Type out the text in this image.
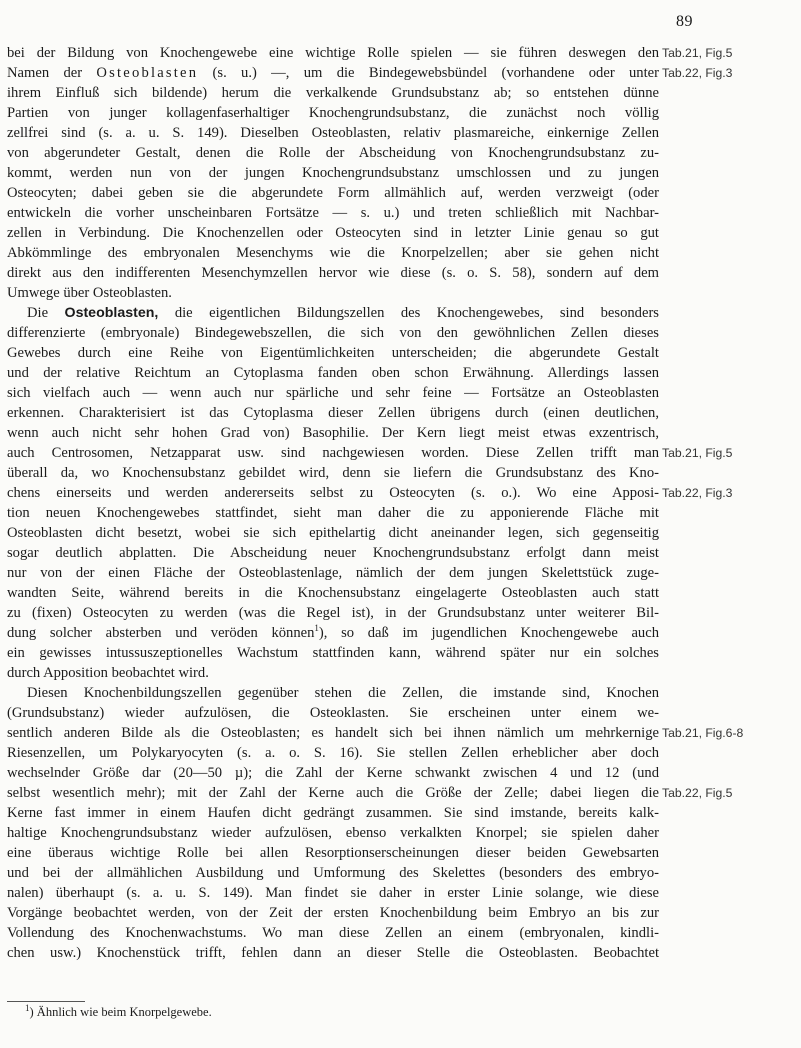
89
bei der Bildung von Knochengewebe eine wichtige Rolle spielen — sie führen deswegen den
Namen der Osteoblasten (s. u.) —, um die Bindegewebsbündel (vorhandene oder unter
ihrem Einfluß sich bildende) herum die verkalkende Grundsubstanz ab; so entstehen dünne
Partien von junger kollagenfaserhaltiger Knochengrundsubstanz, die zunächst noch völlig
zellfrei sind (s. a. u. S. 149). Dieselben Osteoblasten, relativ plasmareiche, einkernige Zellen
von abgerundeter Gestalt, denen die Rolle der Abscheidung von Knochengrundsubstanz zu-
kommt, werden nun von der jungen Knochengrundsubstanz umschlossen und zu jungen
Osteocyten; dabei geben sie die abgerundete Form allmählich auf, werden verzweigt (oder
entwickeln die vorher unscheinbaren Fortsätze — s. u.) und treten schließlich mit Nachbar-
zellen in Verbindung. Die Knochenzellen oder Osteocyten sind in letzter Linie genau so gut
Abkömmlinge des embryonalen Mesenchyms wie die Knorpelzellen; aber sie gehen nicht
direkt aus den indifferenten Mesenchymzellen hervor wie diese (s. o. S. 58), sondern auf dem
Umwege über Osteoblasten.
Die Osteoblasten, die eigentlichen Bildungszellen des Knochengewebes, sind besonders
differenzierte (embryonale) Bindegewebszellen, die sich von den gewöhnlichen Zellen dieses
Gewebes durch eine Reihe von Eigentümlichkeiten unterscheiden; die abgerundete Gestalt
und der relative Reichtum an Cytoplasma fanden oben schon Erwähnung. Allerdings lassen
sich vielfach auch — wenn auch nur spärliche und sehr feine — Fortsätze an Osteoblasten
erkennen. Charakterisiert ist das Cytoplasma dieser Zellen übrigens durch (einen deutlichen,
wenn auch nicht sehr hohen Grad von) Basophilie. Der Kern liegt meist etwas exzentrisch,
auch Centrosomen, Netzapparat usw. sind nachgewiesen worden. Diese Zellen trifft man
überall da, wo Knochensubstanz gebildet wird, denn sie liefern die Grundsubstanz des Kno-
chens einerseits und werden andererseits selbst zu Osteocyten (s. o.). Wo eine Apposi-
tion neuen Knochengewebes stattfindet, sieht man daher die zu apponierende Fläche mit
Osteoblasten dicht besetzt, wobei sie sich epithelartig dicht aneinander legen, sich gegenseitig
sogar deutlich abplatten. Die Abscheidung neuer Knochengrundsubstanz erfolgt dann meist
nur von der einen Fläche der Osteoblastenlage, nämlich der dem jungen Skelettstück zuge-
wandten Seite, während bereits in die Knochensubstanz eingelagerte Osteoblasten auch statt
zu (fixen) Osteocyten zu werden (was die Regel ist), in der Grundsubstanz unter weiterer Bil-
dung solcher absterben und veröden können$^1$), so daß im jugendlichen Knochengewebe auch
ein gewisses intussuszeptionelles Wachstum stattfinden kann, während später nur ein solches
durch Apposition beobachtet wird.
Diesen Knochenbildungszellen gegenüber stehen die Zellen, die imstande sind, Knochen
(Grundsubstanz) wieder aufzulösen, die Osteoklasten. Sie erscheinen unter einem we-
sentlich anderen Bilde als die Osteoblasten; es handelt sich bei ihnen nämlich um mehrkernige
Riesenzellen, um Polykaryocyten (s. a. o. S. 16). Sie stellen Zellen erheblicher aber doch
wechselnder Größe dar (20—50 µ); die Zahl der Kerne schwankt zwischen 4 und 12 (und
selbst wesentlich mehr); mit der Zahl der Kerne auch die Größe der Zelle; dabei liegen die
Kerne fast immer in einem Haufen dicht gedrängt zusammen. Sie sind imstande, bereits kalk-
haltige Knochengrundsubstanz wieder aufzulösen, ebenso verkalkten Knorpel; sie spielen daher
eine überaus wichtige Rolle bei allen Resorptionserscheinungen dieser beiden Gewebsarten
und bei der allmählichen Ausbildung und Umformung des Skelettes (besonders des embryo-
nalen) überhaupt (s. a. u. S. 149). Man findet sie daher in erster Linie solange, wie diese
Vorgänge beobachtet werden, von der Zeit der ersten Knochenbildung beim Embryo an bis zur
Vollendung des Knochenwachstums. Wo man diese Zellen an einem (embryonalen, kindli-
chen usw.) Knochenstück trifft, fehlen dann an dieser Stelle die Osteoblasten. Beobachtet
Tab.21, Fig.5
Tab.22, Fig.3
Tab.21, Fig.5
Tab.22, Fig.3
Tab.21, Fig.6-8
Tab.22, Fig.5
$^1$) Ähnlich wie beim Knorpelgewebe.
